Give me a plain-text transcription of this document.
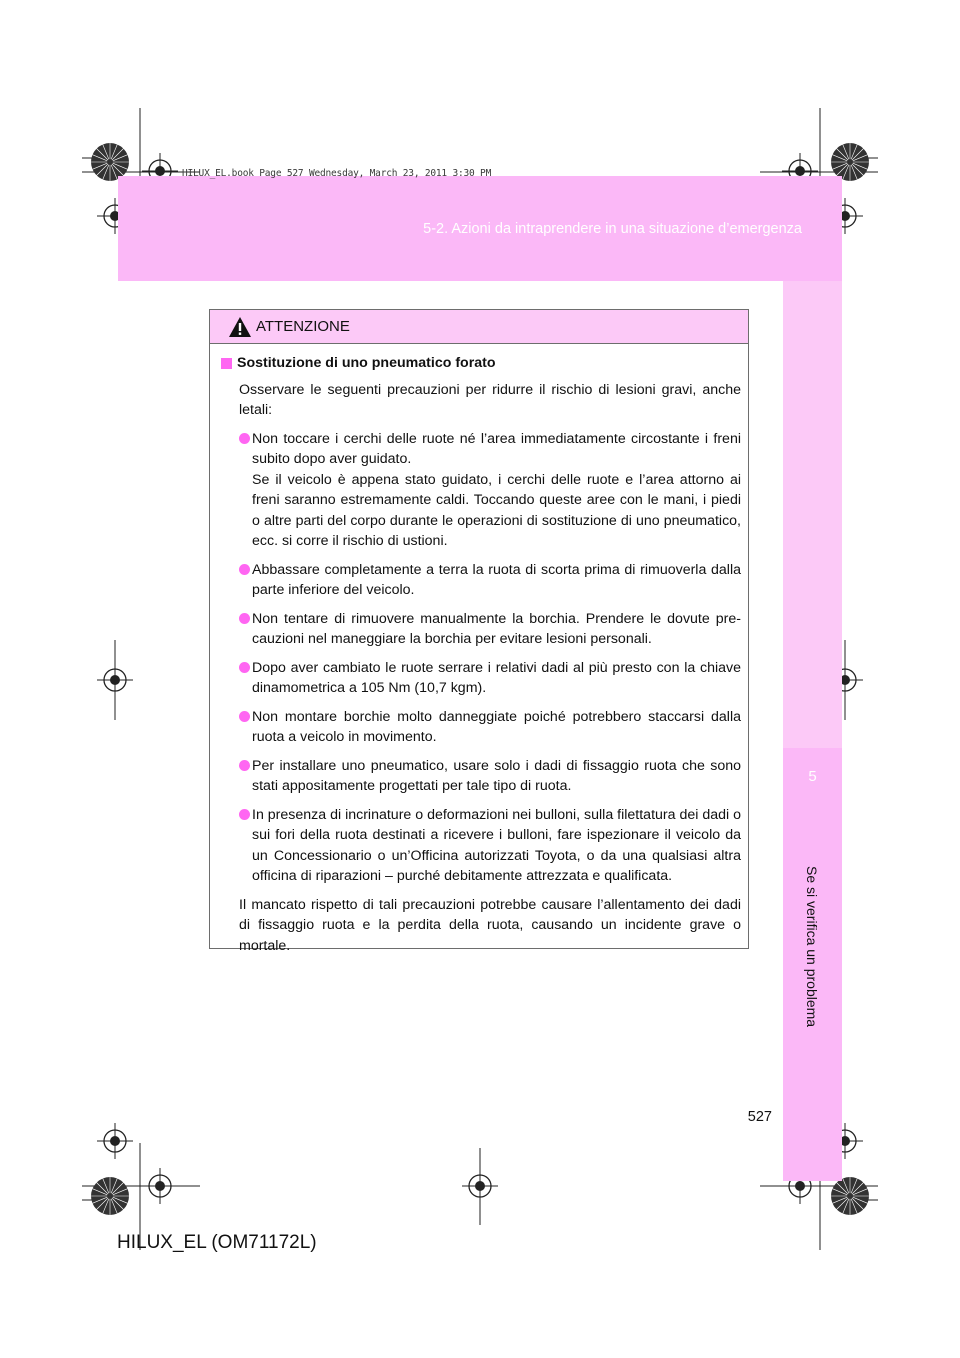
5-2. Azioni da intraprendere in una situazione d’emergenza
HILUX_EL.book Page 527 Wednesday, March 23, 2011 3:30 PM
5
Se si verifica un problema
ATTENZIONE
Sostituzione di uno pneumatico forato
Osservare le seguenti precauzioni per ridurre il rischio di lesioni gravi, anche letali:

Non toccare i cerchi delle ruote né l’area immediatamente circostante i freni subito dopo aver guidato.

Se il veicolo è appena stato guidato, i cerchi delle ruote e l’area attorno ai freni saranno estremamente caldi. Toccando queste aree con le mani, i piedi o altre parti del corpo durante le operazioni di sostituzione di uno pneumatico, ecc. si corre il rischio di ustioni.

Abbassare completamente a terra la ruota di scorta prima di rimuoverla dalla parte inferiore del veicolo.

Non tentare di rimuovere manualmente la borchia. Prendere le dovute pre-cauzioni nel maneggiare la borchia per evitare lesioni personali.

Dopo aver cambiato le ruote serrare i relativi dadi al più presto con la chiave dinamometrica a 105 Nm (10,7 kgm).

Non montare borchie molto danneggiate poiché potrebbero staccarsi dalla ruota a veicolo in movimento.

Per installare uno pneumatico, usare solo i dadi di fissaggio ruota che sono stati appositamente progettati per tale tipo di ruota.

In presenza di incrinature o deformazioni nei bulloni, sulla filettatura dei dadi o sui fori della ruota destinati a ricevere i bulloni, fare ispezionare il veicolo da un Concessionario o un’Officina autorizzati Toyota, o da una qualsiasi altra officina di riparazioni – purché debitamente attrezzata e qualificata.

Il mancato rispetto di tali precauzioni potrebbe causare l’allentamento dei dadi di fissaggio ruota e la perdita della ruota, causando un incidente grave o mortale.
527
HILUX_EL (OM71172L)
